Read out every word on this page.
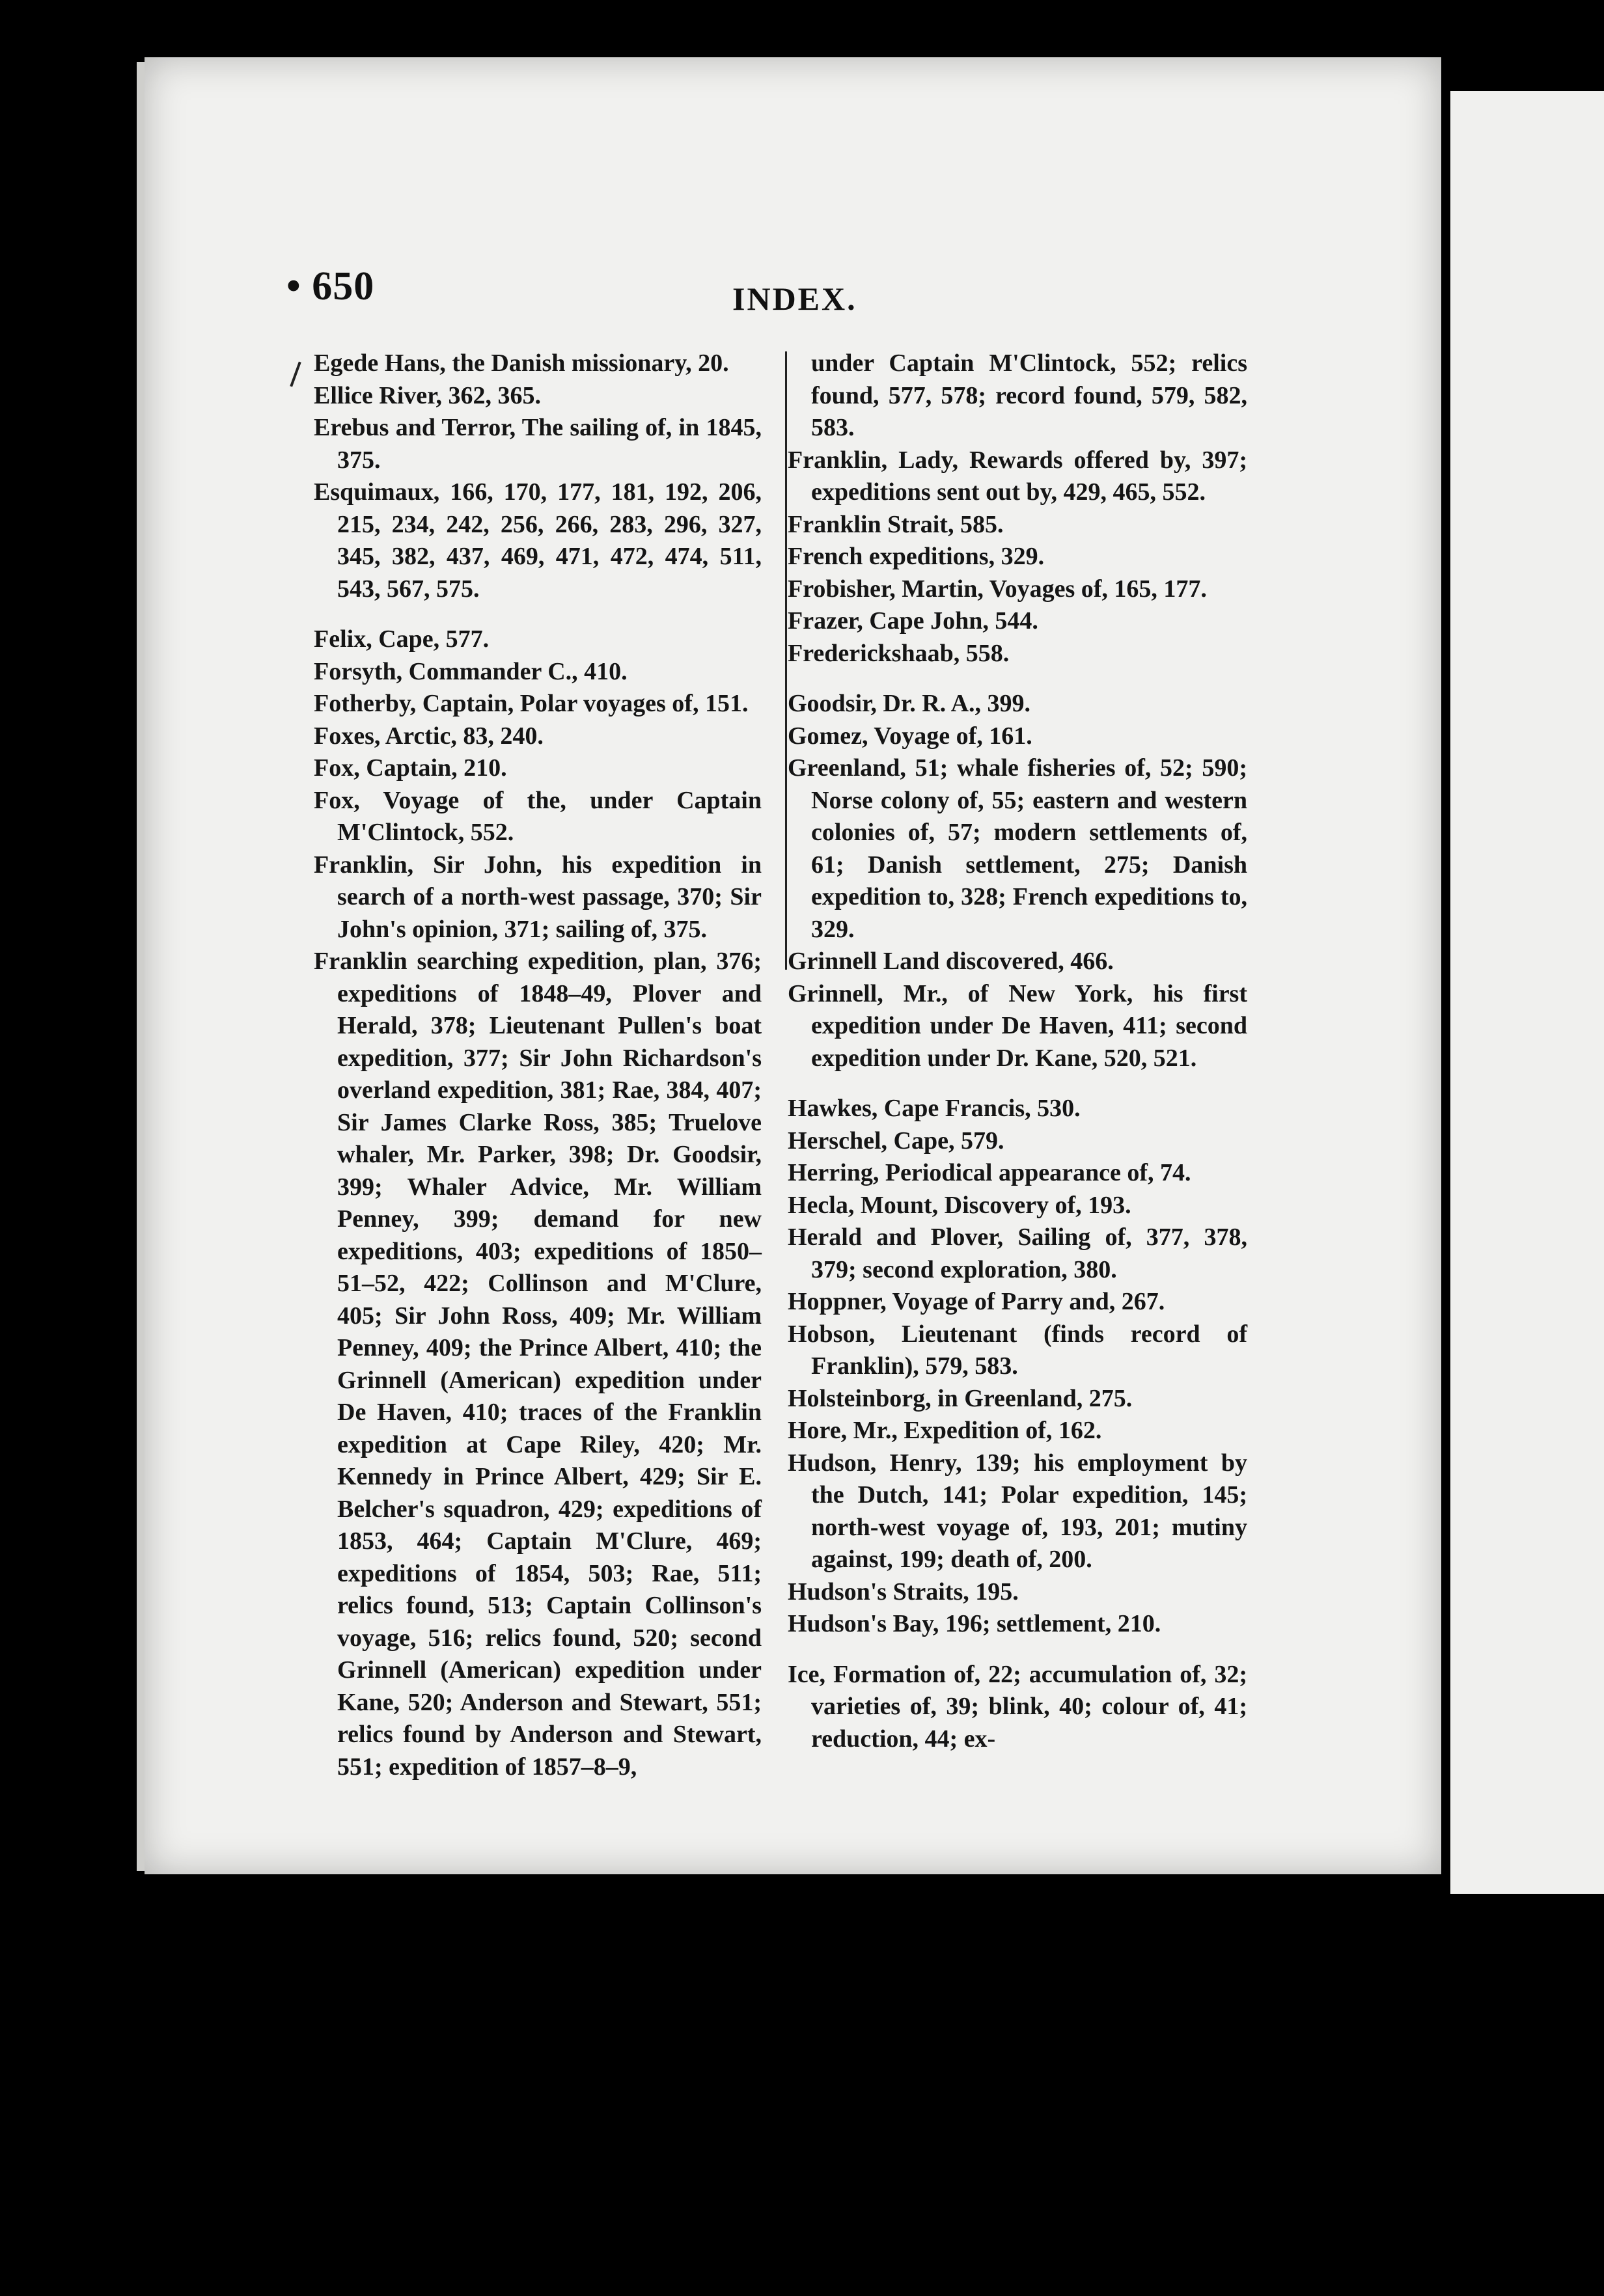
• 650	INDEX.
Egede Hans, the Danish missionary, 20.
Ellice River, 362, 365.
Erebus and Terror, The sailing of, in 1845, 375.
Esquimaux, 166, 170, 177, 181, 192, 206, 215, 234, 242, 256, 266, 283, 296, 327, 345, 382, 437, 469, 471, 472, 474, 511, 543, 567, 575.
Felix, Cape, 577.
Forsyth, Commander C., 410.
Fotherby, Captain, Polar voyages of, 151.
Foxes, Arctic, 83, 240.
Fox, Captain, 210.
Fox, Voyage of the, under Captain M'Clintock, 552.
Franklin, Sir John, his expedition in search of a north-west passage, 370; Sir John's opinion, 371; sailing of, 375.
Franklin searching expedition, plan, 376; expeditions of 1848–49, Plover and Herald, 378; Lieutenant Pullen's boat expedition, 377; Sir John Richardson's overland expedition, 381; Rae, 384, 407; Sir James Clarke Ross, 385; Truelove whaler, Mr. Parker, 398; Dr. Goodsir, 399; Whaler Advice, Mr. William Penney, 399; demand for new expeditions, 403; expeditions of 1850–51–52, 422; Collinson and M'Clure, 405; Sir John Ross, 409; Mr. William Penney, 409; the Prince Albert, 410; the Grinnell (American) expedition under De Haven, 410; traces of the Franklin expedition at Cape Riley, 420; Mr. Kennedy in Prince Albert, 429; Sir E. Belcher's squadron, 429; expeditions of 1853, 464; Captain M'Clure, 469; expeditions of 1854, 503; Rae, 511; relics found, 513; Captain Collinson's voyage, 516; relics found, 520; second Grinnell (American) expedition under Kane, 520; Anderson and Stewart, 551; relics found by Anderson and Stewart, 551; expedition of 1857–8–9,
under Captain M'Clintock, 552; relics found, 577, 578; record found, 579, 582, 583.
Franklin, Lady, Rewards offered by, 397; expeditions sent out by, 429, 465, 552.
Franklin Strait, 585.
French expeditions, 329.
Frobisher, Martin, Voyages of, 165, 177.
Frazer, Cape John, 544.
Frederickshaab, 558.
Goodsir, Dr. R. A., 399.
Gomez, Voyage of, 161.
Greenland, 51; whale fisheries of, 52; 590; Norse colony of, 55; eastern and western colonies of, 57; modern settlements of, 61; Danish settlement, 275; Danish expedition to, 328; French expeditions to, 329.
Grinnell Land discovered, 466.
Grinnell, Mr., of New York, his first expedition under De Haven, 411; second expedition under Dr. Kane, 520, 521.
Hawkes, Cape Francis, 530.
Herschel, Cape, 579.
Herring, Periodical appearance of, 74.
Hecla, Mount, Discovery of, 193.
Herald and Plover, Sailing of, 377, 378, 379; second exploration, 380.
Hoppner, Voyage of Parry and, 267.
Hobson, Lieutenant (finds record of Franklin), 579, 583.
Holsteinborg, in Greenland, 275.
Hore, Mr., Expedition of, 162.
Hudson, Henry, 139; his employment by the Dutch, 141; Polar expedition, 145; north-west voyage of, 193, 201; mutiny against, 199; death of, 200.
Hudson's Straits, 195.
Hudson's Bay, 196; settlement, 210.
Ice, Formation of, 22; accumulation of, 32; varieties of, 39; blink, 40; colour of, 41; reduction, 44; ex-
